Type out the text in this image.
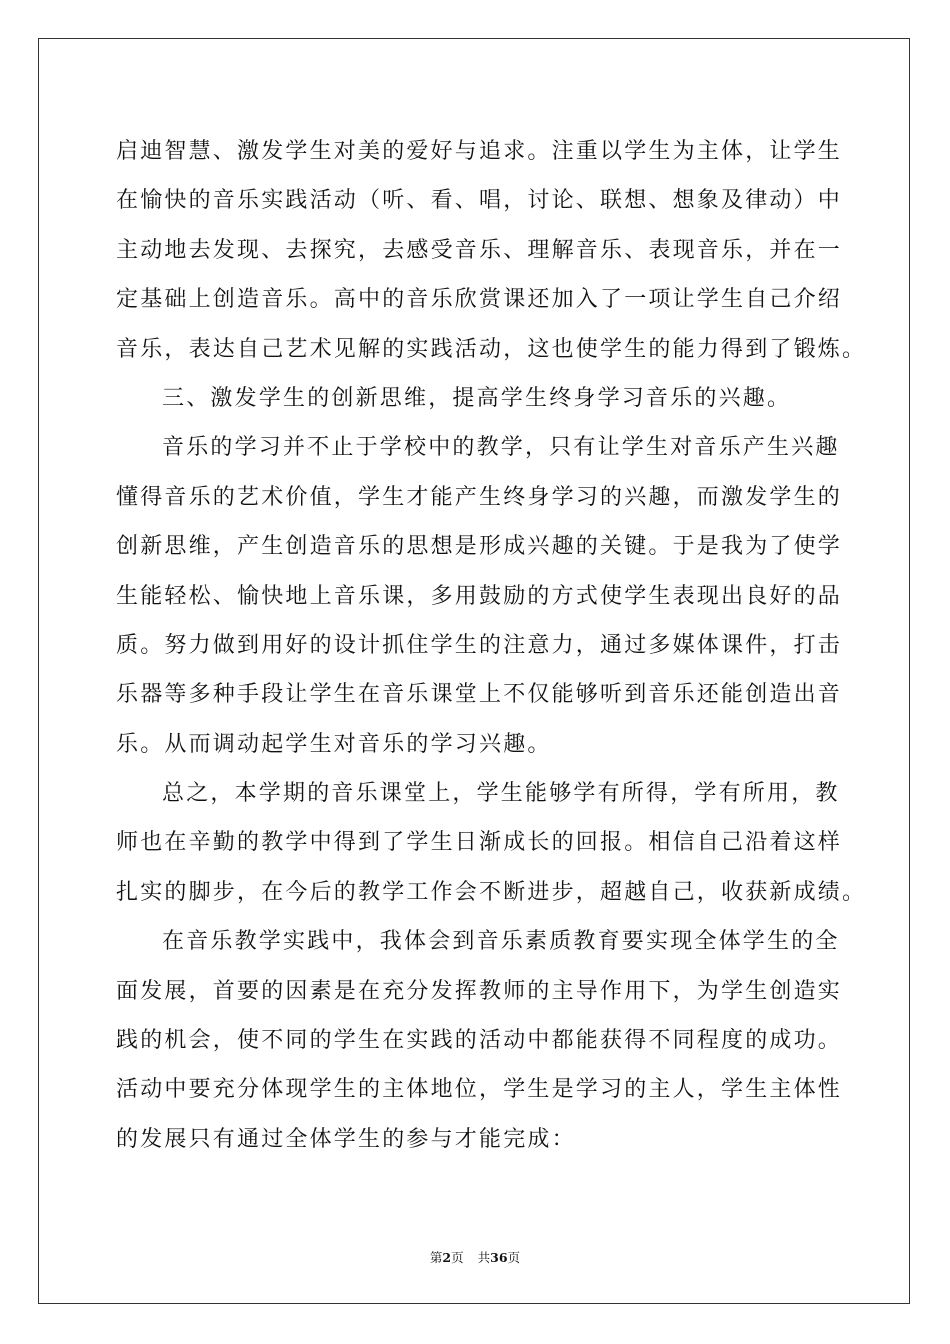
启迪智慧、激发学生对美的爱好与追求。注重以学生为主体，让学生
在愉快的音乐实践活动（听、看、唱，讨论、联想、想象及律动）中
主动地去发现、去探究，去感受音乐、理解音乐、表现音乐，并在一
定基础上创造音乐。高中的音乐欣赏课还加入了一项让学生自己介绍
音乐，表达自己艺术见解的实践活动，这也使学生的能力得到了锻炼。
三、激发学生的创新思维，提高学生终身学习音乐的兴趣。
音乐的学习并不止于学校中的教学，只有让学生对音乐产生兴趣
懂得音乐的艺术价值，学生才能产生终身学习的兴趣，而激发学生的
创新思维，产生创造音乐的思想是形成兴趣的关键。于是我为了使学
生能轻松、愉快地上音乐课，多用鼓励的方式使学生表现出良好的品
质。努力做到用好的设计抓住学生的注意力，通过多媒体课件，打击
乐器等多种手段让学生在音乐课堂上不仅能够听到音乐还能创造出音
乐。从而调动起学生对音乐的学习兴趣。
总之，本学期的音乐课堂上，学生能够学有所得，学有所用，教
师也在辛勤的教学中得到了学生日渐成长的回报。相信自己沿着这样
扎实的脚步，在今后的教学工作会不断进步，超越自己，收获新成绩。
在音乐教学实践中，我体会到音乐素质教育要实现全体学生的全
面发展，首要的因素是在充分发挥教师的主导作用下，为学生创造实
践的机会，使不同的学生在实践的活动中都能获得不同程度的成功。
活动中要充分体现学生的主体地位，学生是学习的主人，学生主体性
的发展只有通过全体学生的参与才能完成：
第2页 共36页
